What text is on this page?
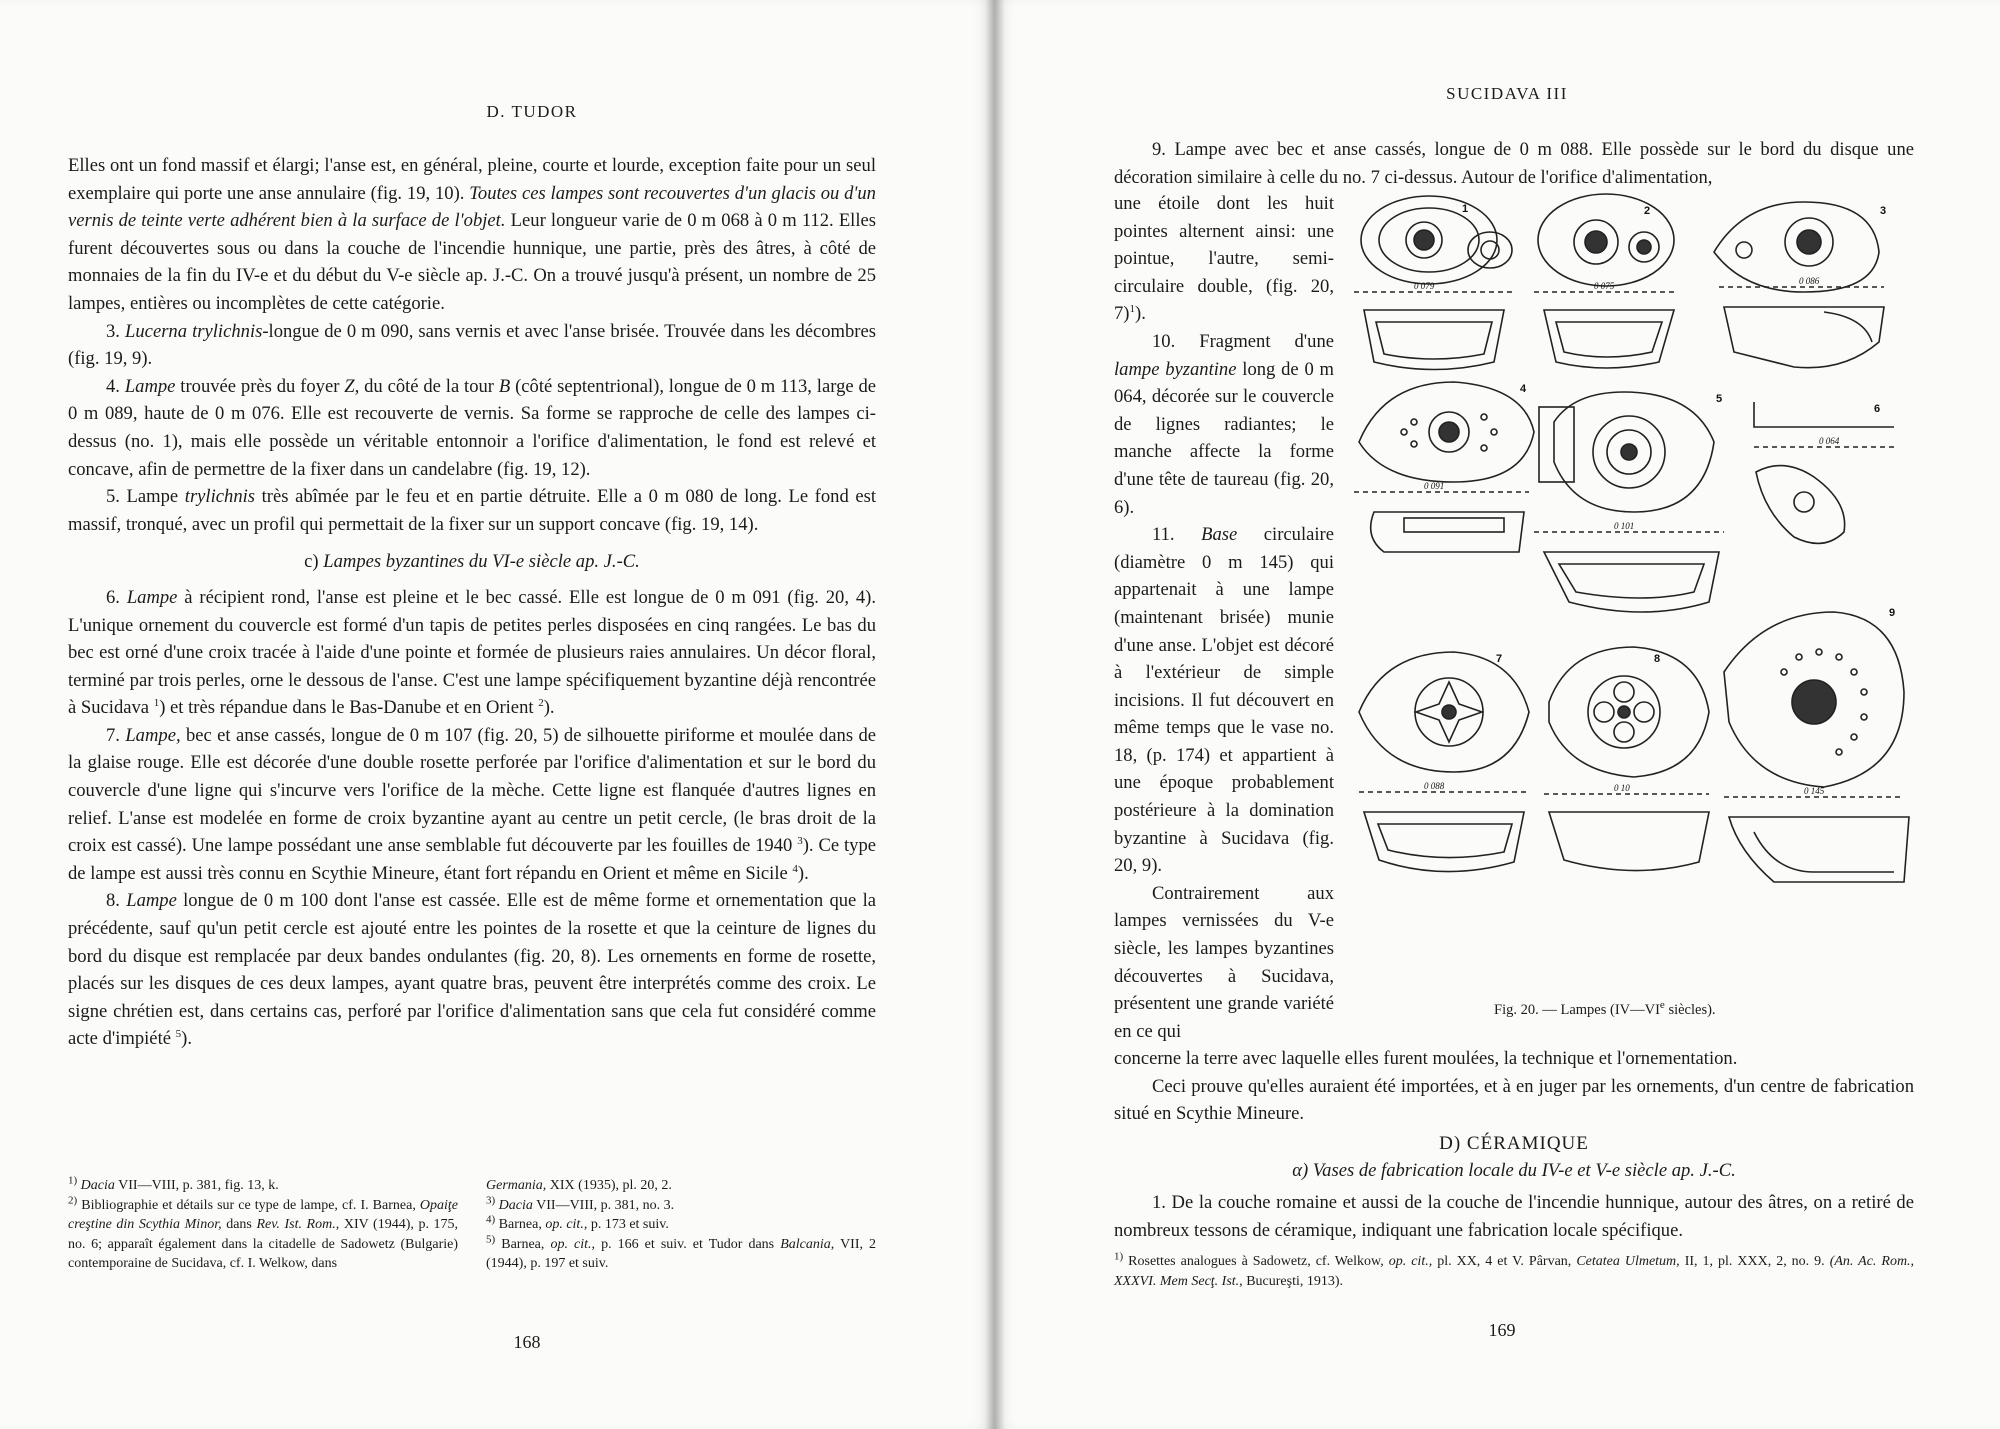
D. TUDOR

Elles ont un fond massif et élargi; l'anse est, en général, pleine, courte et lourde, exception faite pour un seul exemplaire qui porte une anse annulaire (fig. 19, 10). Toutes ces lampes sont recouvertes d'un glacis ou d'un vernis de teinte verte adhérent bien à la surface de l'objet. Leur longueur varie de 0 m 068 à 0 m 112. Elles furent découvertes sous ou dans la couche de l'incendie hunnique, une partie, près des âtres, à côté de monnaies de la fin du IV-e et du début du V-e siècle ap. J.-C. On a trouvé jusqu'à présent, un nombre de 25 lampes, entières ou incomplètes de cette catégorie.

3. Lucerna trylichnis-longue de 0 m 090, sans vernis et avec l'anse brisée. Trouvée dans les décombres (fig. 19, 9).

4. Lampe trouvée près du foyer Z, du côté de la tour B (côté septentrional), longue de 0 m 113, large de 0 m 089, haute de 0 m 076. Elle est recouverte de vernis. Sa forme se rapproche de celle des lampes ci-dessus (no. 1), mais elle possède un véritable entonnoir a l'orifice d'alimentation, le fond est relevé et concave, afin de permettre de la fixer dans un candelabre (fig. 19, 12).

5. Lampe trylichnis très abîmée par le feu et en partie détruite. Elle a 0 m 080 de long. Le fond est massif, tronqué, avec un profil qui permettait de la fixer sur un support concave (fig. 19, 14).

c) Lampes byzantines du VI-e siècle ap. J.-C.

6. Lampe à récipient rond, l'anse est pleine et le bec cassé. Elle est longue de 0 m 091 (fig. 20, 4). L'unique ornement du couvercle est formé d'un tapis de petites perles disposées en cinq rangées. Le bas du bec est orné d'une croix tracée à l'aide d'une pointe et formée de plusieurs raies annulaires. Un décor floral, terminé par trois perles, orne le dessous de l'anse. C'est une lampe spécifiquement byzantine déjà rencontrée à Sucidava $^1$) et très répandue dans le Bas-Danube et en Orient $^2$).

7. Lampe, bec et anse cassés, longue de 0 m 107 (fig. 20, 5) de silhouette piriforme et moulée dans de la glaise rouge. Elle est décorée d'une double rosette perforée par l'orifice d'alimentation et sur le bord du couvercle d'une ligne qui s'incurve vers l'orifice de la mèche. Cette ligne est flanquée d'autres lignes en relief. L'anse est modelée en forme de croix byzantine ayant au centre un petit cercle, (le bras droit de la croix est cassé). Une lampe possédant une anse semblable fut découverte par les fouilles de 1940 $^3$). Ce type de lampe est aussi très connu en Scythie Mineure, étant fort répandu en Orient et même en Sicile $^4$).

8. Lampe longue de 0 m 100 dont l'anse est cassée. Elle est de même forme et ornementation que la précédente, sauf qu'un petit cercle est ajouté entre les pointes de la rosette et que la ceinture de lignes du bord du disque est remplacée par deux bandes ondulantes (fig. 20, 8). Les ornements en forme de rosette, placés sur les disques de ces deux lampes, ayant quatre bras, peuvent être interprétés comme des croix. Le signe chrétien est, dans certains cas, perforé par l'orifice d'alimentation sans que cela fut considéré comme acte d'impiété $^5$).

$^{1)}$ Dacia VII—VIII, p. 381, fig. 13, k.
$^{2)}$ Bibliographie et détails sur ce type de lampe, cf. I. Barnea, Opaiţe creştine din Scythia Minor, dans Rev. Ist. Rom., XIV (1944), p. 175, no. 6; apparaît également dans la citadelle de Sadowetz (Bulgarie) contemporaine de Sucidava, cf. I. Welkow, dans
Germania, XIX (1935), pl. 20, 2.
$^{3)}$ Dacia VII—VIII, p. 381, no. 3.
$^{4)}$ Barnea, op. cit., p. 173 et suiv.
$^{5)}$ Barnea, op. cit., p. 166 et suiv. et Tudor dans Balcania, VII, 2 (1944), p. 197 et suiv.
168
SUCIDAVA III

9. Lampe avec bec et anse cassés, longue de 0 m 088. Elle possède sur le bord du disque une décoration similaire à celle du no. 7 ci-dessus. Autour de l'orifice d'alimentation,

une étoile dont les huit pointes alternent ainsi: une pointue, l'autre, semi-circulaire double, (fig. 20, 7)$^1$).

10. Fragment d'une lampe byzantine long de 0 m 064, décorée sur le couvercle de lignes radiantes; le manche affecte la forme d'une tête de taureau (fig. 20, 6).

11. Base circulaire (diamètre 0 m 145) qui appartenait à une lampe (maintenant brisée) munie d'une anse. L'objet est décoré à l'extérieur de simple incisions. Il fut découvert en même temps que le vase no. 18, (p. 174) et appartient à une époque probablement postérieure à la domination byzantine à Sucidava (fig. 20, 9).

Contrairement aux lampes vernissées du V-e siècle, les lampes byzantines découvertes à Sucidava, présentent une grande variété en ce qui

1	2	3
4
5
6
7	8
9
0 079	0 075	0 086
0 091
0 101
0 064
0 088	0 10	0 145
Fig. 20. — Lampes (IV—VIe siècles).

concerne la terre avec laquelle elles furent moulées, la technique et l'ornementation.

Ceci prouve qu'elles auraient été importées, et à en juger par les ornements, d'un centre de fabrication situé en Scythie Mineure.

D) CÉRAMIQUE

α) Vases de fabrication locale du IV-e et V-e siècle ap. J.-C.

1. De la couche romaine et aussi de la couche de l'incendie hunnique, autour des âtres, on a retiré de nombreux tessons de céramique, indiquant une fabrication locale spécifique.

$^{1)}$ Rosettes analogues à Sadowetz, cf. Welkow, op. cit., pl. XX, 4 et V. Pârvan, Cetatea Ulmetum, II, 1, pl. XXX, 2, no. 9. (An. Ac. Rom., XXXVI. Mem Secţ. Ist., Bucureşti, 1913).
169
